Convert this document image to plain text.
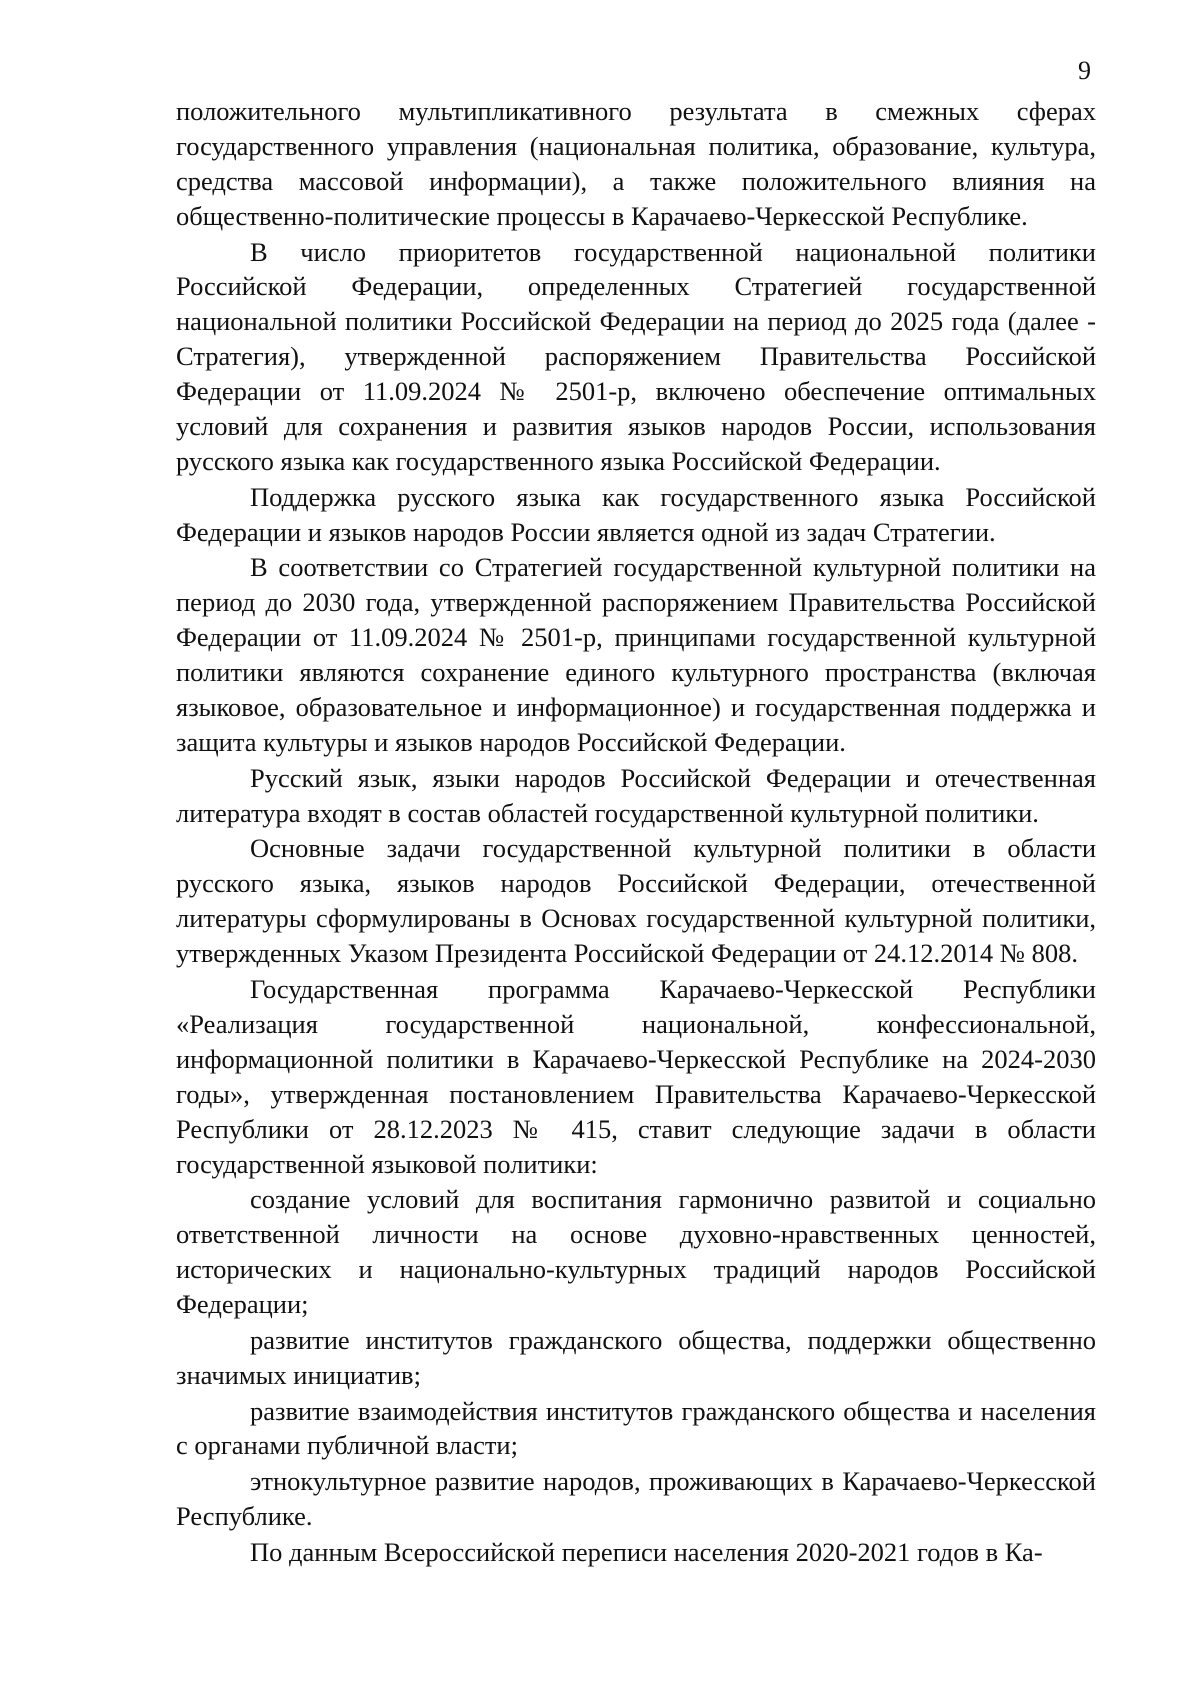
9

положительного мультипликативного результата в смежных сферах государственного управления (национальная политика, образование, культура, средства массовой информации), а также положительного влияния на общественно-политические процессы в Карачаево-Черкесской Республике.

В число приоритетов государственной национальной политики Российской Федерации, определенных Стратегией государственной национальной политики Российской Федерации на период до 2025 года (далее - Стратегия), утвержденной распоряжением Правительства Российской Федерации от 11.09.2024 № 2501-р, включено обеспечение оптимальных условий для сохранения и развития языков народов России, использования русского языка как государственного языка Российской Федерации.

Поддержка русского языка как государственного языка Российской Федерации и языков народов России является одной из задач Стратегии.

В соответствии со Стратегией государственной культурной политики на период до 2030 года, утвержденной распоряжением Правительства Российской Федерации от 11.09.2024 № 2501-р, принципами государственной культурной политики являются сохранение единого культурного пространства (включая языковое, образовательное и информационное) и государственная поддержка и защита культуры и языков народов Российской Федерации.

Русский язык, языки народов Российской Федерации и отечественная литература входят в состав областей государственной культурной политики.

Основные задачи государственной культурной политики в области русского языка, языков народов Российской Федерации, отечественной литературы сформулированы в Основах государственной культурной политики, утвержденных Указом Президента Российской Федерации от 24.12.2014 № 808.

Государственная программа Карачаево-Черкесской Республики «Реализация государственной национальной, конфессиональной, информационной политики в Карачаево-Черкесской Республике на 2024-2030 годы», утвержденная постановлением Правительства Карачаево-Черкесской Республики от 28.12.2023 № 415, ставит следующие задачи в области государственной языковой политики:

создание условий для воспитания гармонично развитой и социально ответственной личности на основе духовно-нравственных ценностей, исторических и национально-культурных традиций народов Российской Федерации;

развитие институтов гражданского общества, поддержки общественно значимых инициатив;

развитие взаимодействия институтов гражданского общества и населения с органами публичной власти;

этнокультурное развитие народов, проживающих в Карачаево-Черкесской Республике.

По данным Всероссийской переписи населения 2020-2021 годов в Ка-
